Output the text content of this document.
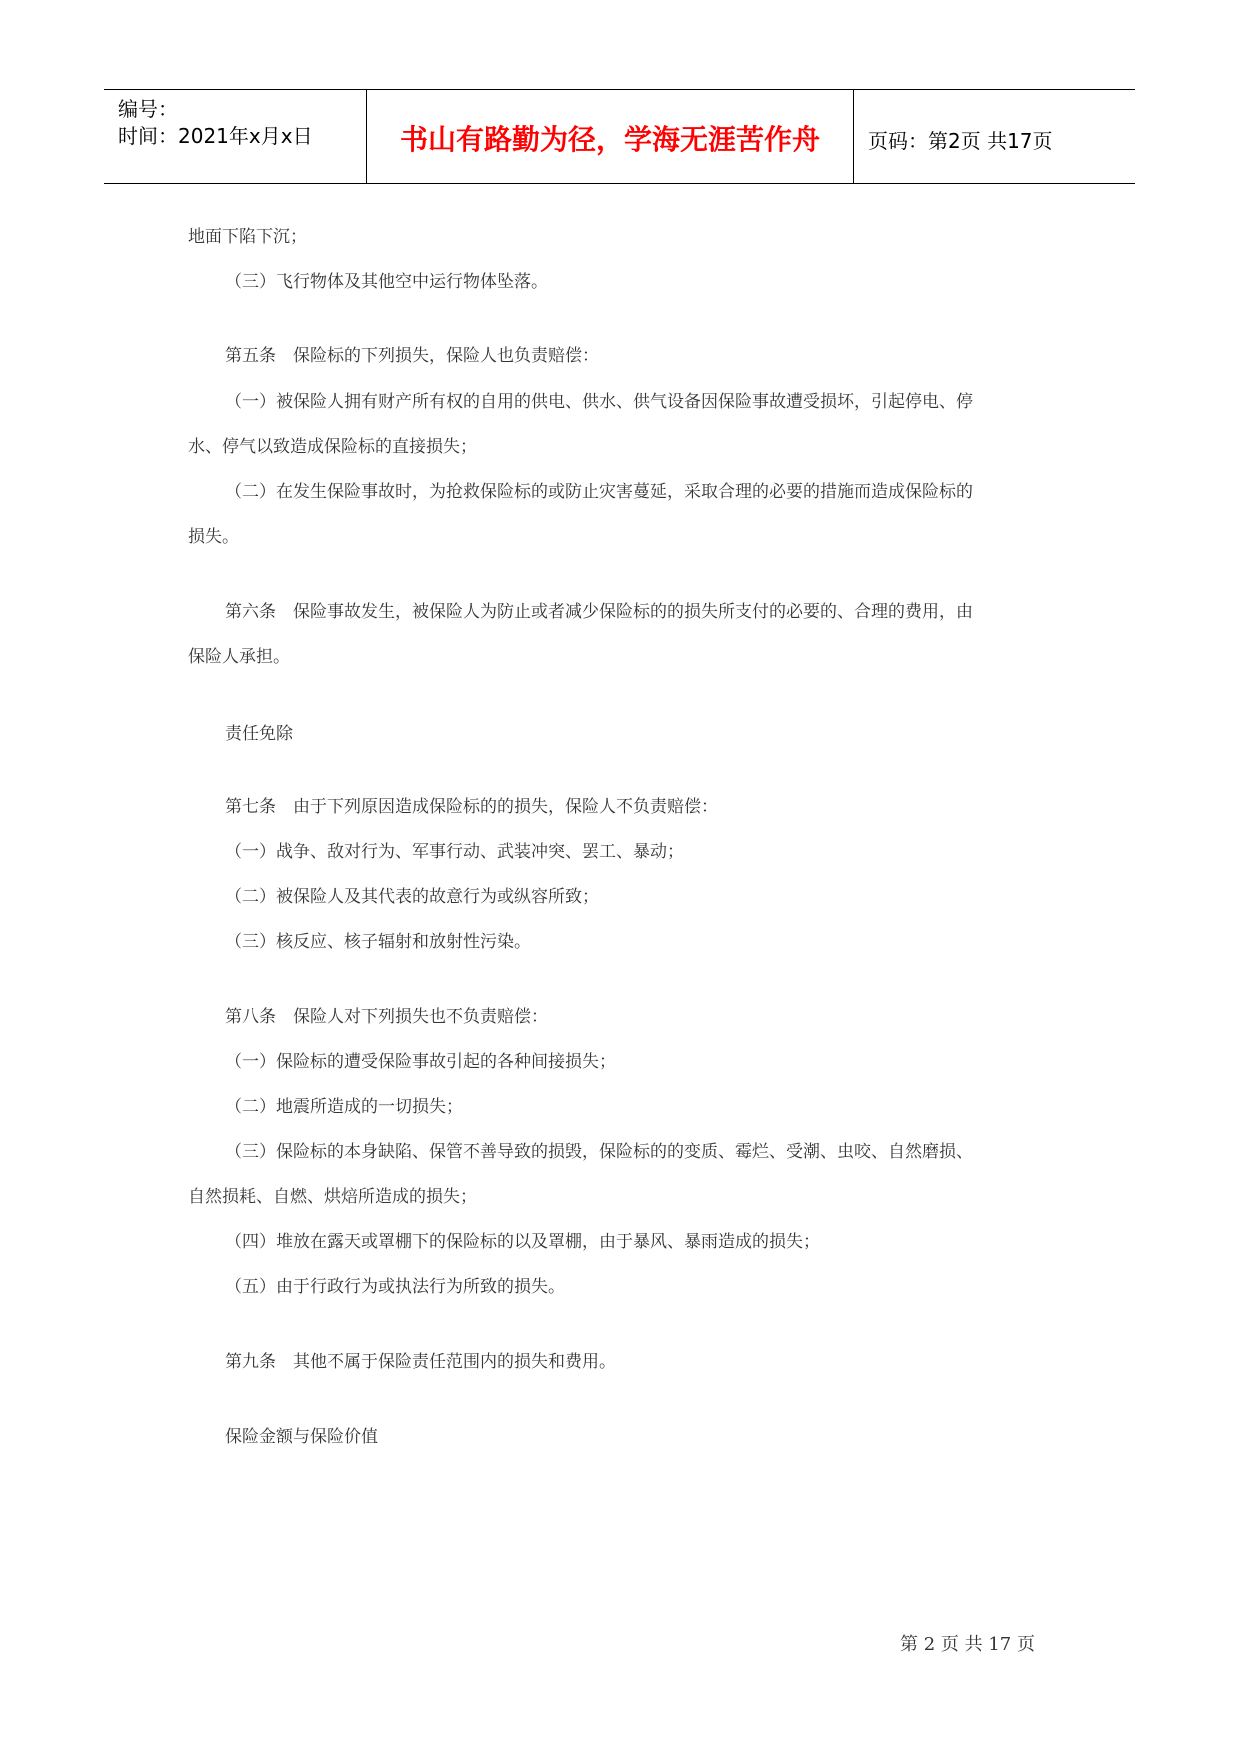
编号：
时间：2021年x月x日	书山有路勤为径，学海无涯苦作舟	页码：第2页 共17页
地面下陷下沉；
（三）飞行物体及其他空中运行物体坠落。
第五条　保险标的下列损失，保险人也负责赔偿：
（一）被保险人拥有财产所有权的自用的供电、供水、供气设备因保险事故遭受损坏，引起停电、停
水、停气以致造成保险标的直接损失；
（二）在发生保险事故时，为抢救保险标的或防止灾害蔓延，采取合理的必要的措施而造成保险标的
损失。
第六条　保险事故发生，被保险人为防止或者减少保险标的的损失所支付的必要的、合理的费用，由
保险人承担。
责任免除
第七条　由于下列原因造成保险标的的损失，保险人不负责赔偿：
（一）战争、敌对行为、军事行动、武装冲突、罢工、暴动；
（二）被保险人及其代表的故意行为或纵容所致；
（三）核反应、核子辐射和放射性污染。
第八条　保险人对下列损失也不负责赔偿：
（一）保险标的遭受保险事故引起的各种间接损失；
（二）地震所造成的一切损失；
（三）保险标的本身缺陷、保管不善导致的损毁，保险标的的变质、霉烂、受潮、虫咬、自然磨损、
自然损耗、自燃、烘焙所造成的损失；
（四）堆放在露天或罩棚下的保险标的以及罩棚，由于暴风、暴雨造成的损失；
（五）由于行政行为或执法行为所致的损失。
第九条　其他不属于保险责任范围内的损失和费用。
保险金额与保险价值
第 2 页 共 17 页
